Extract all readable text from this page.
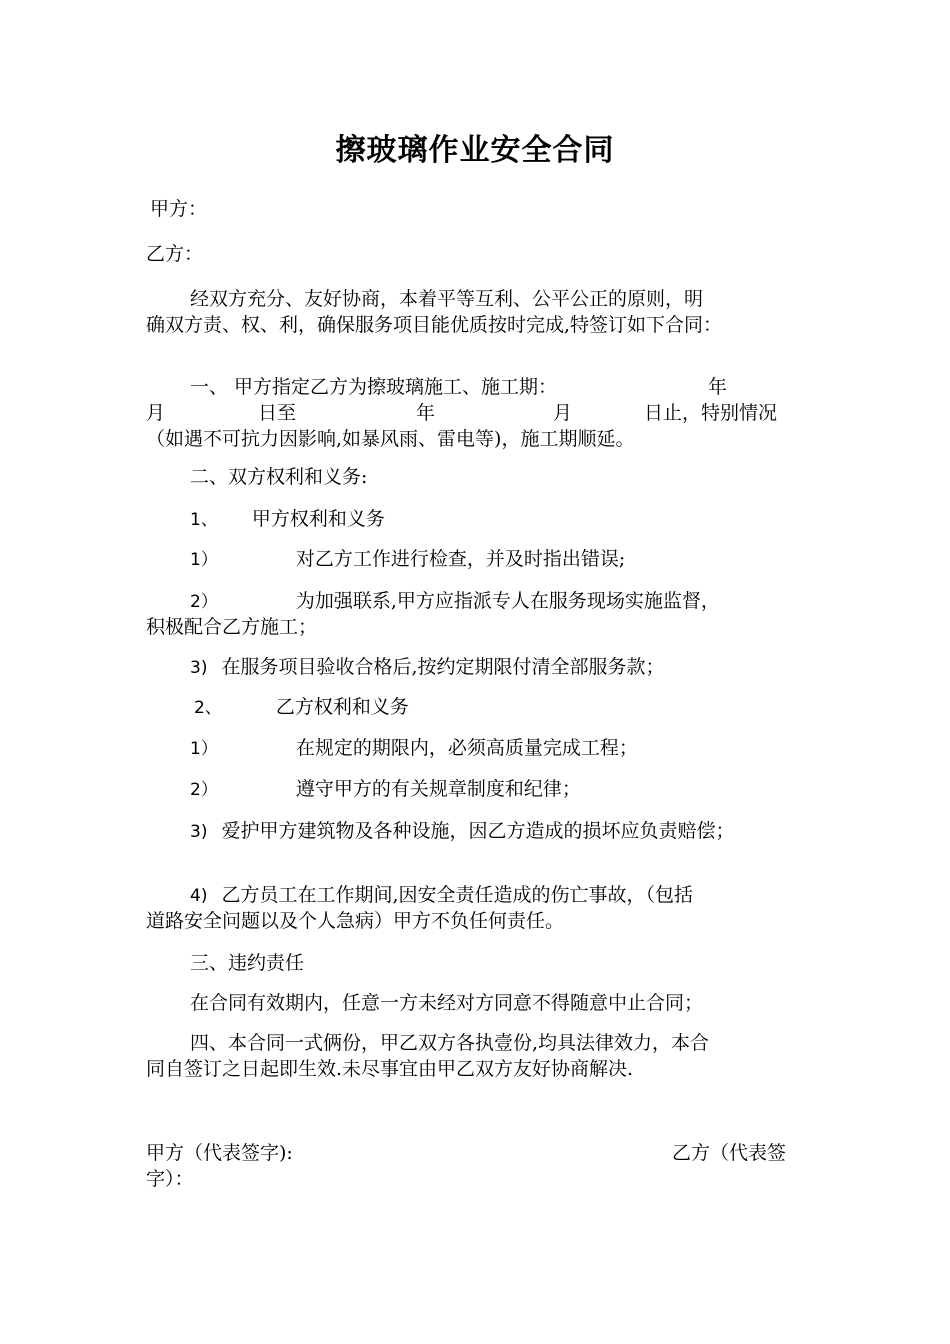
擦玻璃作业安全合同
甲方：
乙方：
经双方充分、友好协商，本着平等互利、公平公正的原则，明
确双方责、权、利，确保服务项目能优质按时完成,特签订如下合同：
一、 甲方指定乙方为擦玻璃施工、施工期：	年
月	日至	年	月	日止，特别情况
（如遇不可抗力因影响,如暴风雨、雷电等)，施工期顺延。
二、双方权利和义务:
1、 甲方权利和义务
1）	对乙方工作进行检查，并及时指出错误;
2）	为加强联系,甲方应指派专人在服务现场实施监督，
积极配合乙方施工；
3) 在服务项目验收合格后,按约定期限付清全部服务款；
2、	乙方权利和义务
1）	在规定的期限内，必须高质量完成工程；
2）	遵守甲方的有关规章制度和纪律；
3) 爱护甲方建筑物及各种设施，因乙方造成的损坏应负责赔偿；
4) 乙方员工在工作期间,因安全责任造成的伤亡事故，（包括
道路安全问题以及个人急病）甲方不负任何责任。
三、违约责任
在合同有效期内，任意一方未经对方同意不得随意中止合同；
四、本合同一式俩份，甲乙双方各执壹份,均具法律效力，本合
同自签订之日起即生效.未尽事宜由甲乙双方友好协商解决.
甲方（代表签字):	乙方（代表签
字）：
